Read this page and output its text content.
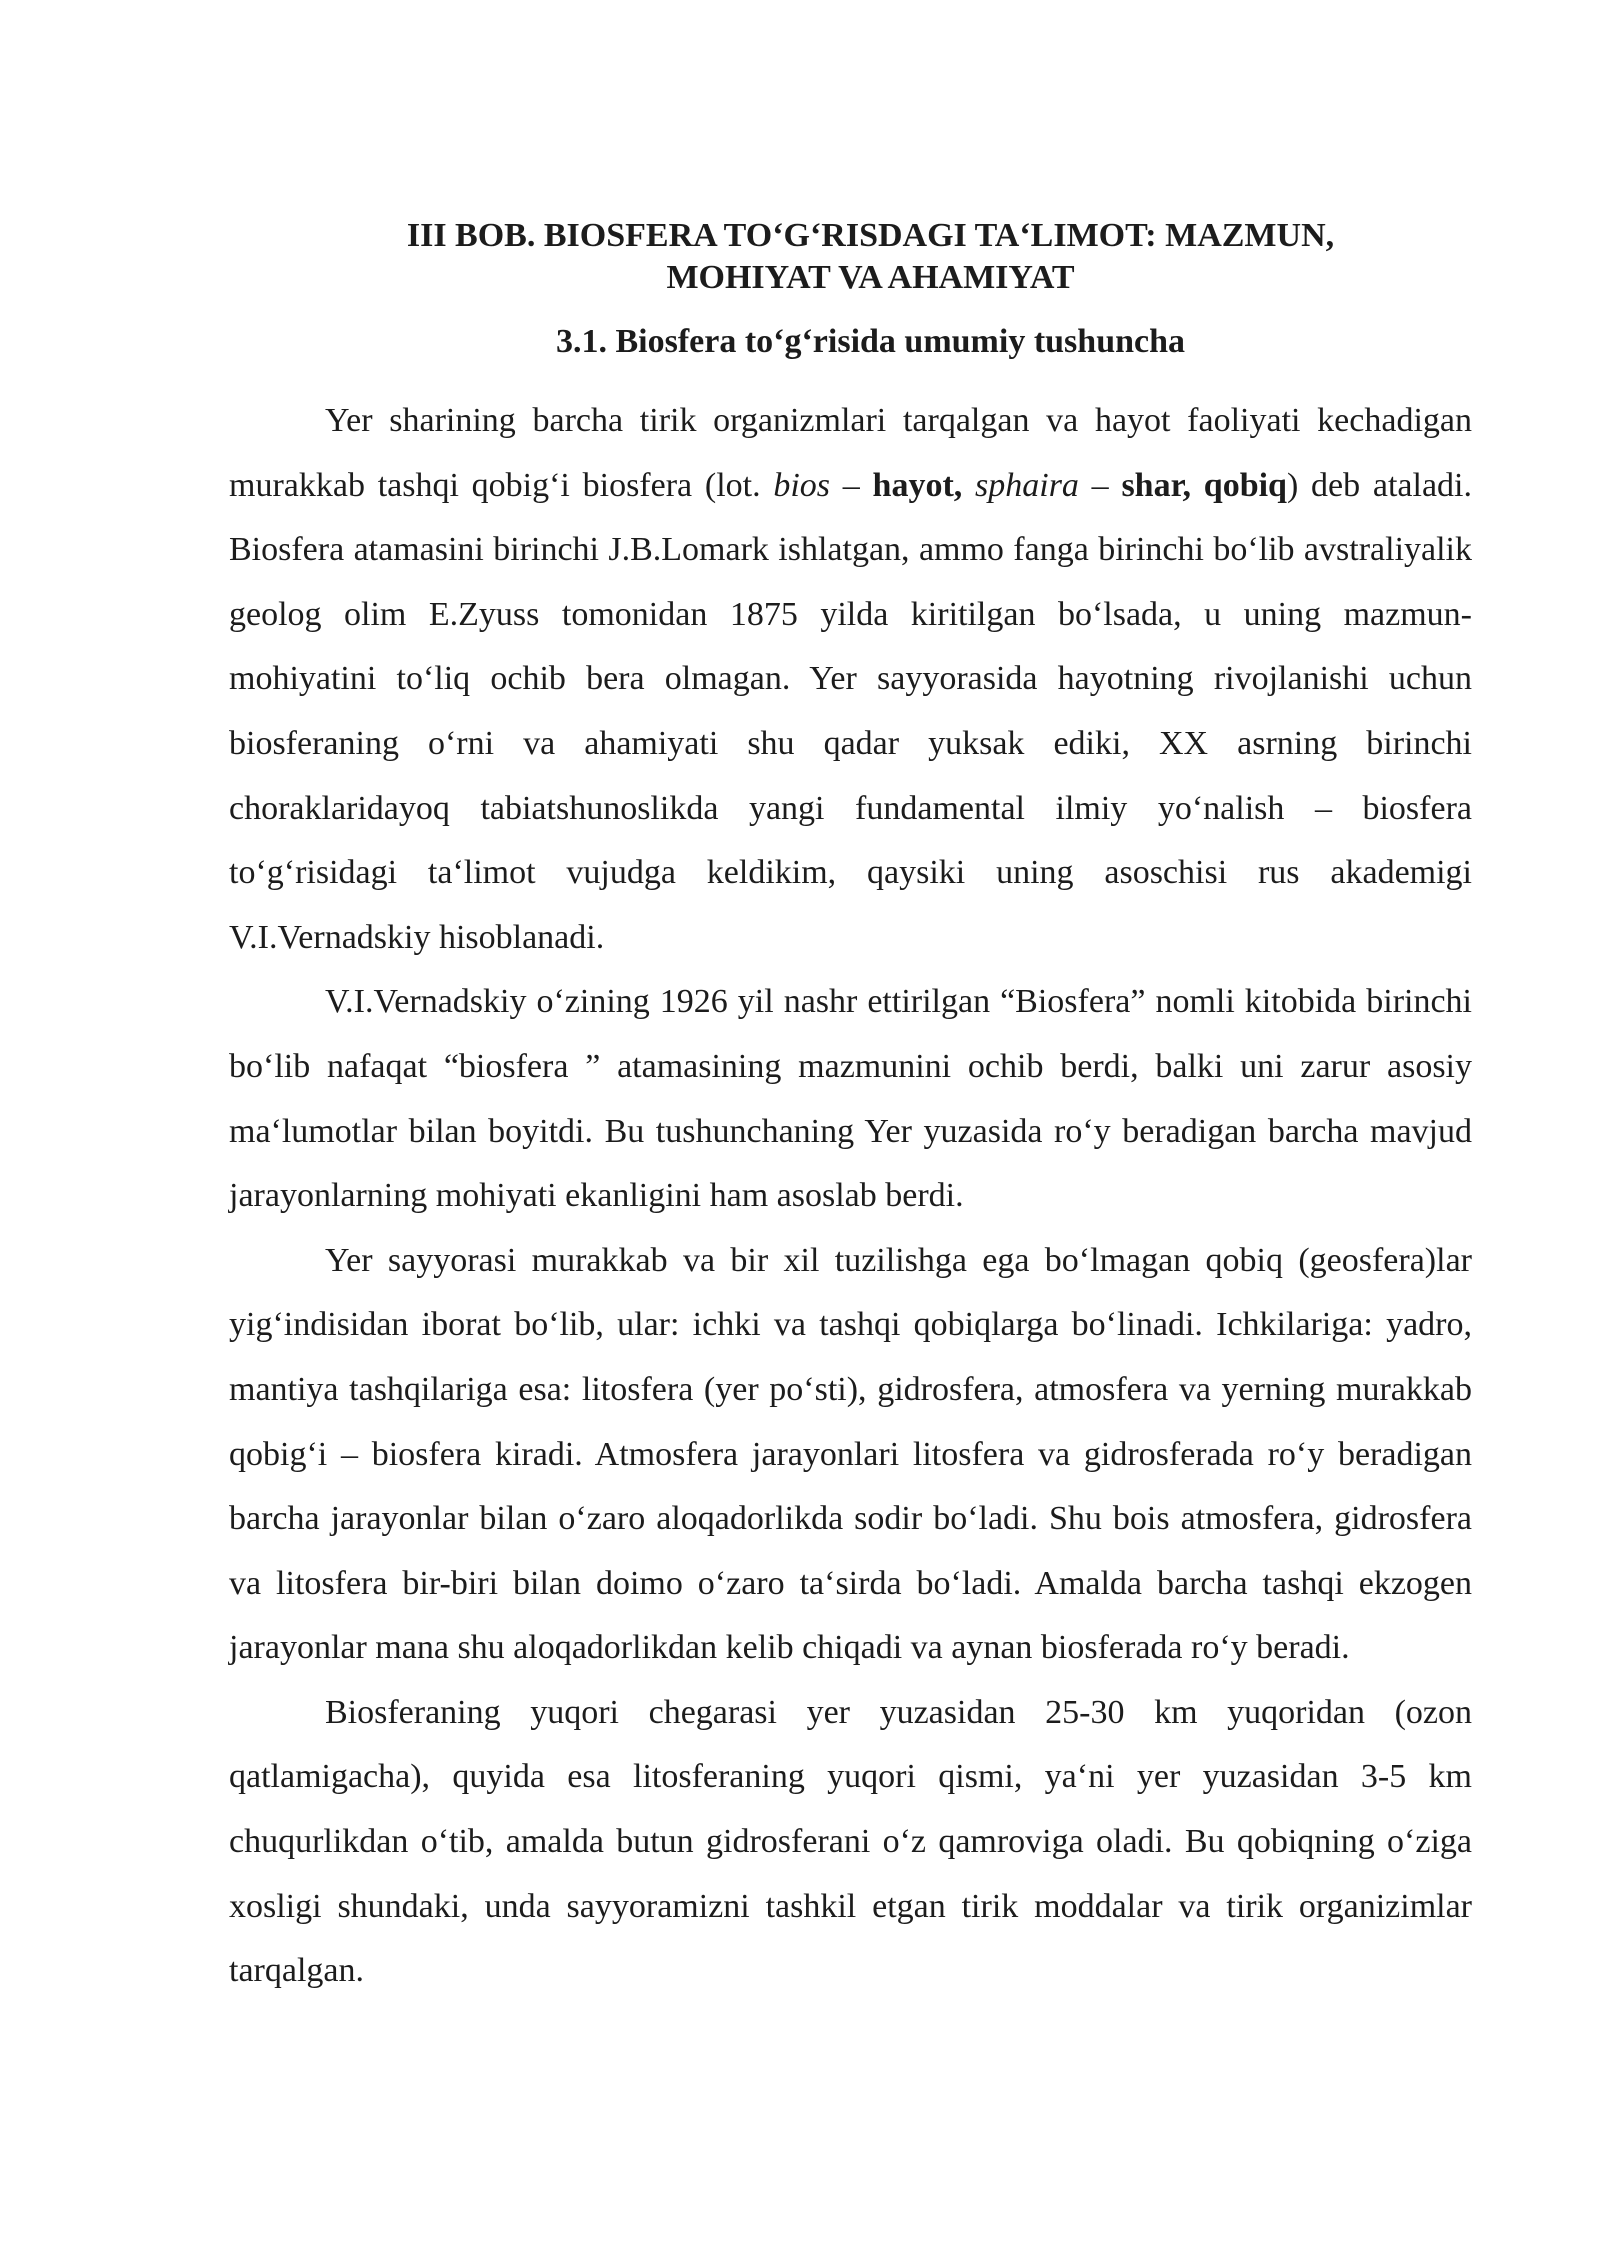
III BOB. BIOSFERA TO‘G‘RISDAGI TA‘LIMOT: MAZMUN,
MOHIYAT VA AHAMIYAT
3.1. Biosfera to‘g‘risida umumiy tushuncha

Yer sharining barcha tirik organizmlari tarqalgan va hayot faoliyati kechadigan murakkab tashqi qobig‘i biosfera (lot. bios – hayot, sphaira – shar, qobiq) deb ataladi. Biosfera atamasini birinchi J.B.Lomark ishlatgan, ammo fanga birinchi bo‘lib avstraliyalik geolog olim E.Zyuss tomonidan 1875 yilda kiritilgan bo‘lsada, u uning mazmun-mohiyatini to‘liq ochib bera olmagan. Yer sayyorasida hayotning rivojlanishi uchun biosferaning o‘rni va ahamiyati shu qadar yuksak ediki, XX asrning birinchi choraklaridayoq tabiatshunoslikda yangi fundamental ilmiy yo‘nalish – biosfera to‘g‘risidagi ta‘limot vujudga keldikim, qaysiki uning asoschisi rus akademigi V.I.Vernadskiy hisoblanadi.

V.I.Vernadskiy o‘zining 1926 yil nashr ettirilgan “Biosfera” nomli kitobida birinchi bo‘lib nafaqat “biosfera ” atamasining mazmunini ochib berdi, balki uni zarur asosiy ma‘lumotlar bilan boyitdi. Bu tushunchaning Yer yuzasida ro‘y beradigan barcha mavjud jarayonlarning mohiyati ekanligini ham asoslab berdi.

Yer sayyorasi murakkab va bir xil tuzilishga ega bo‘lmagan qobiq (geosfera)lar yig‘indisidan iborat bo‘lib, ular: ichki va tashqi qobiqlarga bo‘linadi. Ichkilariga: yadro, mantiya tashqilariga esa: litosfera (yer po‘sti), gidrosfera, atmosfera va yerning murakkab qobig‘i – biosfera kiradi. Atmosfera jarayonlari litosfera va gidrosferada ro‘y beradigan barcha jarayonlar bilan o‘zaro aloqadorlikda sodir bo‘ladi. Shu bois atmosfera, gidrosfera va litosfera bir-biri bilan doimo o‘zaro ta‘sirda bo‘ladi. Amalda barcha tashqi ekzogen jarayonlar mana shu aloqadorlikdan kelib chiqadi va aynan biosferada ro‘y beradi.

Biosferaning yuqori chegarasi yer yuzasidan 25-30 km yuqoridan (ozon qatlamigacha), quyida esa litosferaning yuqori qismi, ya‘ni yer yuzasidan 3-5 km chuqurlikdan o‘tib, amalda butun gidrosferani o‘z qamroviga oladi. Bu qobiqning o‘ziga xosligi shundaki, unda sayyoramizni tashkil etgan tirik moddalar va tirik organizimlar tarqalgan.
